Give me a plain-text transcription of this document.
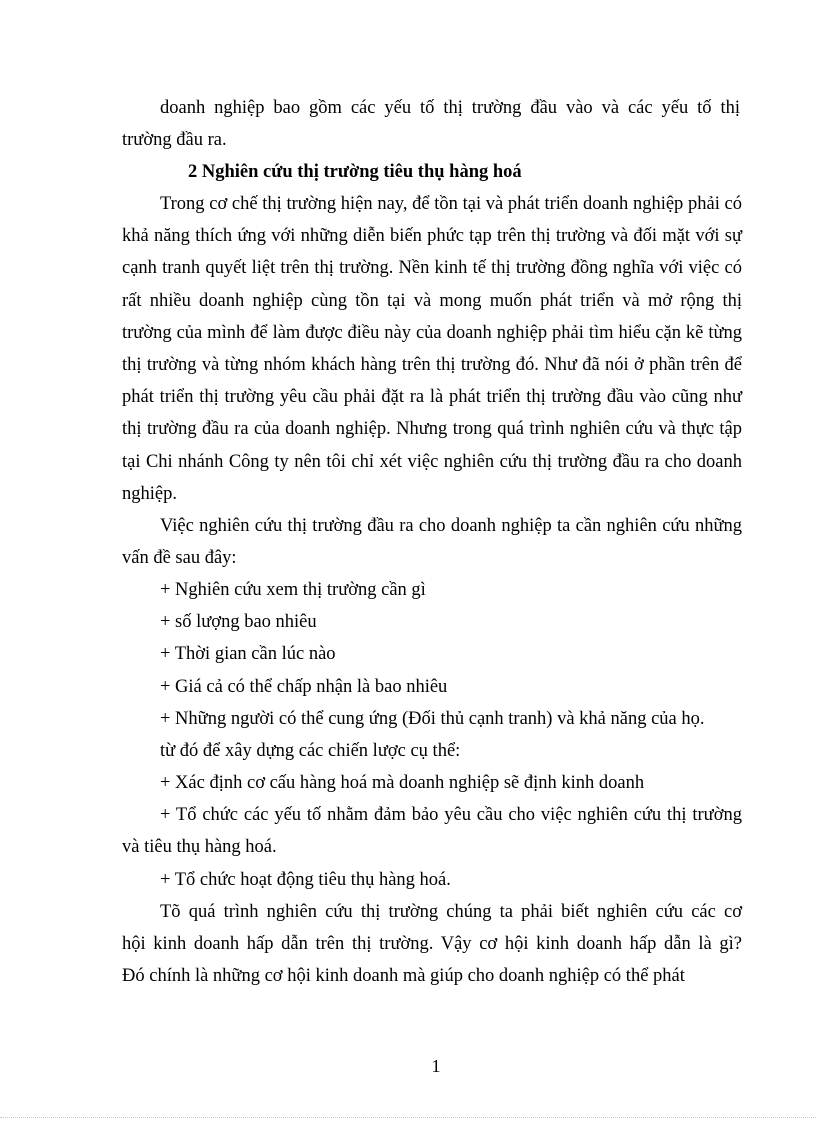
doanh nghiệp bao gồm các yếu tố thị trường đầu vào và các yếu tố thị

trường đầu ra.

2 Nghiên cứu thị trường tiêu thụ hàng hoá

Trong cơ chế thị trường hiện nay, để tồn tại và phát triển doanh nghiệp phải có khả năng thích ứng với những diễn biến phức tạp trên thị trường và đối mặt với sự cạnh tranh quyết liệt trên thị trường. Nền kinh tế thị trường đồng nghĩa với việc có rất nhiều doanh nghiệp cùng tồn tại và mong muốn phát triển và mở rộng thị trường của mình để làm được điều này của doanh nghiệp phải tìm hiểu cặn kẽ từng thị trường và từng nhóm khách hàng trên thị trường đó. Như đã nói ở phần trên để phát triển thị trường yêu cầu phải đặt ra là phát triển thị trường đầu vào cũng như thị trường đầu ra của doanh nghiệp. Nhưng trong quá trình nghiên cứu và thực tập tại Chi nhánh Công ty nên tôi chỉ xét việc nghiên cứu thị trường đầu ra cho doanh nghiệp.

Việc nghiên cứu thị trường đầu ra cho doanh nghiệp ta cần nghiên cứu những vấn đề sau đây:

+ Nghiên cứu xem thị trường cần gì

+ số lượng bao nhiêu

+ Thời gian cần lúc nào

+ Giá cả có thể chấp nhận là bao nhiêu

+ Những người có thể cung ứng (Đối thủ cạnh tranh) và khả năng của họ.

từ đó để xây dựng các chiến lược cụ thể:

+ Xác định cơ cấu hàng hoá mà doanh nghiệp sẽ định kinh doanh

+ Tổ chức các yếu tố nhằm đảm bảo yêu cầu cho việc nghiên cứu thị trường và tiêu thụ hàng hoá.

+ Tổ chức hoạt động tiêu thụ hàng hoá.

Tõ quá trình nghiên cứu thị trường chúng ta phải biết nghiên cứu các cơ

hội kinh doanh hấp dẫn trên thị trường. Vậy cơ hội kinh doanh hấp dẫn là gì?

Đó chính là những cơ hội kinh doanh mà giúp cho doanh nghiệp có thể phát

1
